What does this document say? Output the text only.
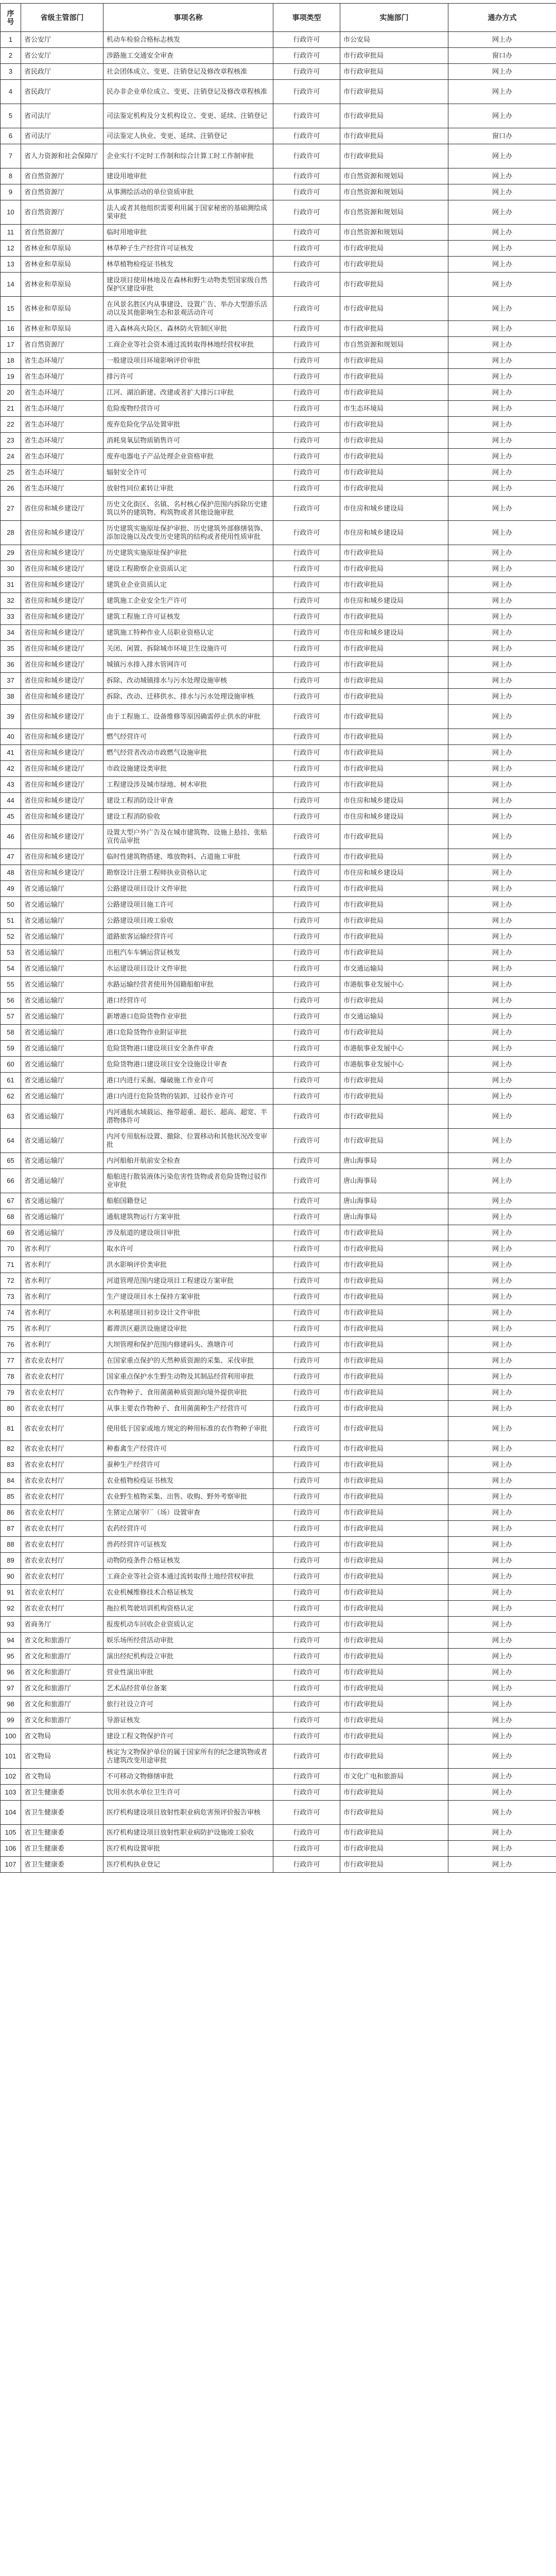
序号	省级主管部门	事项名称	事项类型	实施部门	通办方式
1	省公安厅	机动车检验合格标志核发	行政许可	市公安局	网上办
2	省公安厅	涉路施工交通安全审查	行政许可	市行政审批局	窗口办
3	省民政厅	社会团体成立、变更、注销登记及修改章程核准	行政许可	市行政审批局	网上办
4	省民政厅	民办非企业单位成立、变更、注销登记及修改章程核准	行政许可	市行政审批局	网上办
5	省司法厅	司法鉴定机构及分支机构设立、变更、延续、注销登记	行政许可	市行政审批局	网上办
6	省司法厅	司法鉴定人执业、变更、延续、注销登记	行政许可	市行政审批局	窗口办
7	省人力资源和社会保障厅	企业实行不定时工作制和综合计算工时工作制审批	行政许可	市行政审批局	网上办
8	省自然资源厅	建设用地审批	行政许可	市自然资源和规划局	网上办
9	省自然资源厅	从事测绘活动的单位资质审批	行政许可	市自然资源和规划局	网上办
10	省自然资源厅	法人或者其他组织需要利用属于国家秘密的基础测绘成果审批	行政许可	市自然资源和规划局	网上办
11	省自然资源厅	临时用地审批	行政许可	市自然资源和规划局	网上办
12	省林业和草原局	林草种子生产经营许可证核发	行政许可	市行政审批局	网上办
13	省林业和草原局	林草植物检疫证书核发	行政许可	市行政审批局	网上办
14	省林业和草原局	建设项目使用林地及在森林和野生动物类型国家级自然保护区建设审批	行政许可	市行政审批局	网上办
15	省林业和草原局	在风景名胜区内从事建设、设置广告、举办大型游乐活动以及其他影响生态和景观活动许可	行政许可	市行政审批局	网上办
16	省林业和草原局	进入森林高火险区、森林防火管制区审批	行政许可	市行政审批局	网上办
17	省自然资源厅	工商企业等社会资本通过流转取得林地经营权审批	行政许可	市自然资源和规划局	网上办
18	省生态环境厅	一般建设项目环境影响评价审批	行政许可	市行政审批局	网上办
19	省生态环境厅	排污许可	行政许可	市行政审批局	网上办
20	省生态环境厅	江河、湖泊新建、改建或者扩大排污口审批	行政许可	市行政审批局	网上办
21	省生态环境厅	危险废物经营许可	行政许可	市生态环境局	网上办
22	省生态环境厅	废弃危险化学品处置审批	行政许可	市行政审批局	网上办
23	省生态环境厅	消耗臭氧层物质销售许可	行政许可	市行政审批局	网上办
24	省生态环境厅	废弃电器电子产品处理企业资格审批	行政许可	市行政审批局	网上办
25	省生态环境厅	辐射安全许可	行政许可	市行政审批局	网上办
26	省生态环境厅	放射性同位素转让审批	行政许可	市行政审批局	网上办
27	省住房和城乡建设厅	历史文化街区、名镇、名村核心保护范围内拆除历史建筑以外的建筑物、构筑物或者其他设施审批	行政许可	市住房和城乡建设局	网上办
28	省住房和城乡建设厅	历史建筑实施原址保护审批、历史建筑外部修缮装饰、添加设施以及改变历史建筑的结构或者使用性质审批	行政许可	市住房和城乡建设局	网上办
29	省住房和城乡建设厅	历史建筑实施原址保护审批	行政许可	市行政审批局	网上办
30	省住房和城乡建设厅	建设工程勘察企业资质认定	行政许可	市行政审批局	网上办
31	省住房和城乡建设厅	建筑业企业资质认定	行政许可	市行政审批局	网上办
32	省住房和城乡建设厅	建筑施工企业安全生产许可	行政许可	市住房和城乡建设局	网上办
33	省住房和城乡建设厅	建筑工程施工许可证核发	行政许可	市行政审批局	网上办
34	省住房和城乡建设厅	建筑施工特种作业人员职业资格认定	行政许可	市住房和城乡建设局	网上办
35	省住房和城乡建设厅	关闭、闲置、拆除城市环境卫生设施许可	行政许可	市行政审批局	网上办
36	省住房和城乡建设厅	城镇污水排入排水管网许可	行政许可	市行政审批局	网上办
37	省住房和城乡建设厅	拆除、改动城镇排水与污水处理设施审核	行政许可	市行政审批局	网上办
38	省住房和城乡建设厅	拆除、改动、迁移供水、排水与污水处理设施审核	行政许可	市行政审批局	网上办
39	省住房和城乡建设厅	由于工程施工、设备维修等原因确需停止供水的审批	行政许可	市行政审批局	网上办
40	省住房和城乡建设厅	燃气经营许可	行政许可	市行政审批局	网上办
41	省住房和城乡建设厅	燃气经营者改动市政燃气设施审批	行政许可	市行政审批局	网上办
42	省住房和城乡建设厅	市政设施建设类审批	行政许可	市行政审批局	网上办
43	省住房和城乡建设厅	工程建设涉及城市绿地、树木审批	行政许可	市行政审批局	网上办
44	省住房和城乡建设厅	建设工程消防设计审查	行政许可	市住房和城乡建设局	网上办
45	省住房和城乡建设厅	建设工程消防验收	行政许可	市住房和城乡建设局	网上办
46	省住房和城乡建设厅	设置大型户外广告及在城市建筑物、设施上悬挂、张贴宣传品审批	行政许可	市行政审批局	网上办
47	省住房和城乡建设厅	临时性建筑物搭建、堆放物料、占道施工审批	行政许可	市行政审批局	网上办
48	省住房和城乡建设厅	勘察设计注册工程师执业资格认定	行政许可	市住房和城乡建设局	网上办
49	省交通运输厅	公路建设项目设计文件审批	行政许可	市行政审批局	网上办
50	省交通运输厅	公路建设项目施工许可	行政许可	市行政审批局	网上办
51	省交通运输厅	公路建设项目竣工验收	行政许可	市行政审批局	网上办
52	省交通运输厅	道路旅客运输经营许可	行政许可	市行政审批局	网上办
53	省交通运输厅	出租汽车车辆运营证核发	行政许可	市行政审批局	网上办
54	省交通运输厅	水运建设项目设计文件审批	行政许可	市交通运输局	网上办
55	省交通运输厅	水路运输经营者使用外国籍船舶审批	行政许可	市港航事业发展中心	网上办
56	省交通运输厅	港口经营许可	行政许可	市行政审批局	网上办
57	省交通运输厅	新增港口危险货物作业审批	行政许可	市交通运输局	网上办
58	省交通运输厅	港口危险货物作业附证审批	行政许可	市行政审批局	网上办
59	省交通运输厅	危险货物港口建设项目安全条件审查	行政许可	市港航事业发展中心	网上办
60	省交通运输厅	危险货物港口建设项目安全设施设计审查	行政许可	市港航事业发展中心	网上办
61	省交通运输厅	港口内进行采掘、爆破施工作业许可	行政许可	市行政审批局	网上办
62	省交通运输厅	港口内进行危险货物的装卸、过驳作业许可	行政许可	市行政审批局	网上办
63	省交通运输厅	内河通航水域载运、拖带超重、超长、超高、超宽、半潜物体许可	行政许可	市行政审批局	网上办
64	省交通运输厅	内河专用航标设置、撤除、位置移动和其他状况改变审批	行政许可	市行政审批局	网上办
65	省交通运输厅	内河船舶开航前安全检查	行政许可	唐山海事局	网上办
66	省交通运输厅	船舶进行散装液体污染危害性货物或者危险货物过驳作业审批	行政许可	唐山海事局	网上办
67	省交通运输厅	船舶国籍登记	行政许可	唐山海事局	网上办
68	省交通运输厅	通航建筑物运行方案审批	行政许可	唐山海事局	网上办
69	省交通运输厅	涉及航道的建设项目审批	行政许可	市行政审批局	网上办
70	省水利厅	取水许可	行政许可	市行政审批局	网上办
71	省水利厅	洪水影响评价类审批	行政许可	市行政审批局	网上办
72	省水利厅	河道管理范围内建设项目工程建设方案审批	行政许可	市行政审批局	网上办
73	省水利厅	生产建设项目水土保持方案审批	行政许可	市行政审批局	网上办
74	省水利厅	水利基建项目初步设计文件审批	行政许可	市行政审批局	网上办
75	省水利厅	蓄滞洪区避洪设施建设审批	行政许可	市行政审批局	网上办
76	省水利厅	大坝管理和保护范围内修建码头、渔塘许可	行政许可	市行政审批局	网上办
77	省农业农村厅	在国家重点保护的天然种质资源的采集、采伐审批	行政许可	市行政审批局	网上办
78	省农业农村厅	国家重点保护水生野生动物及其制品经营利用审批	行政许可	市行政审批局	网上办
79	省农业农村厅	农作物种子、食用菌菌种质资源向境外提供审批	行政许可	市行政审批局	网上办
80	省农业农村厅	从事主要农作物种子、食用菌菌种生产经营许可	行政许可	市行政审批局	网上办
81	省农业农村厅	使用低于国家或地方规定的种用标准的农作物种子审批	行政许可	市行政审批局	网上办
82	省农业农村厅	种畜禽生产经营许可	行政许可	市行政审批局	网上办
83	省农业农村厅	蚕种生产经营许可	行政许可	市行政审批局	网上办
84	省农业农村厅	农业植物检疫证书核发	行政许可	市行政审批局	网上办
85	省农业农村厅	农业野生植物采集、出售、收购、野外考察审批	行政许可	市行政审批局	网上办
86	省农业农村厅	生猪定点屠宰厂（场）设置审查	行政许可	市行政审批局	网上办
87	省农业农村厅	农药经营许可	行政许可	市行政审批局	网上办
88	省农业农村厅	兽药经营许可证核发	行政许可	市行政审批局	网上办
89	省农业农村厅	动物防疫条件合格证核发	行政许可	市行政审批局	网上办
90	省农业农村厅	工商企业等社会资本通过流转取得土地经营权审批	行政许可	市行政审批局	网上办
91	省农业农村厅	农业机械维修技术合格证核发	行政许可	市行政审批局	网上办
92	省农业农村厅	拖拉机驾驶培训机构资格认定	行政许可	市行政审批局	网上办
93	省商务厅	报废机动车回收企业资质认定	行政许可	市行政审批局	网上办
94	省文化和旅游厅	娱乐场所经营活动审批	行政许可	市行政审批局	网上办
95	省文化和旅游厅	演出经纪机构设立审批	行政许可	市行政审批局	网上办
96	省文化和旅游厅	营业性演出审批	行政许可	市行政审批局	网上办
97	省文化和旅游厅	艺术品经营单位备案	行政许可	市行政审批局	网上办
98	省文化和旅游厅	旅行社设立许可	行政许可	市行政审批局	网上办
99	省文化和旅游厅	导游证核发	行政许可	市行政审批局	网上办
100	省文物局	建设工程文物保护许可	行政许可	市行政审批局	网上办
101	省文物局	核定为文物保护单位的属于国家所有的纪念建筑物或者古建筑改变用途审批	行政许可	市行政审批局	网上办
102	省文物局	不可移动文物修缮审批	行政许可	市文化广电和旅游局	网上办
103	省卫生健康委	饮用水供水单位卫生许可	行政许可	市行政审批局	网上办
104	省卫生健康委	医疗机构建设项目放射性职业病危害预评价报告审核	行政许可	市行政审批局	网上办
105	省卫生健康委	医疗机构建设项目放射性职业病防护设施竣工验收	行政许可	市行政审批局	网上办
106	省卫生健康委	医疗机构设置审批	行政许可	市行政审批局	网上办
107	省卫生健康委	医疗机构执业登记	行政许可	市行政审批局	网上办
